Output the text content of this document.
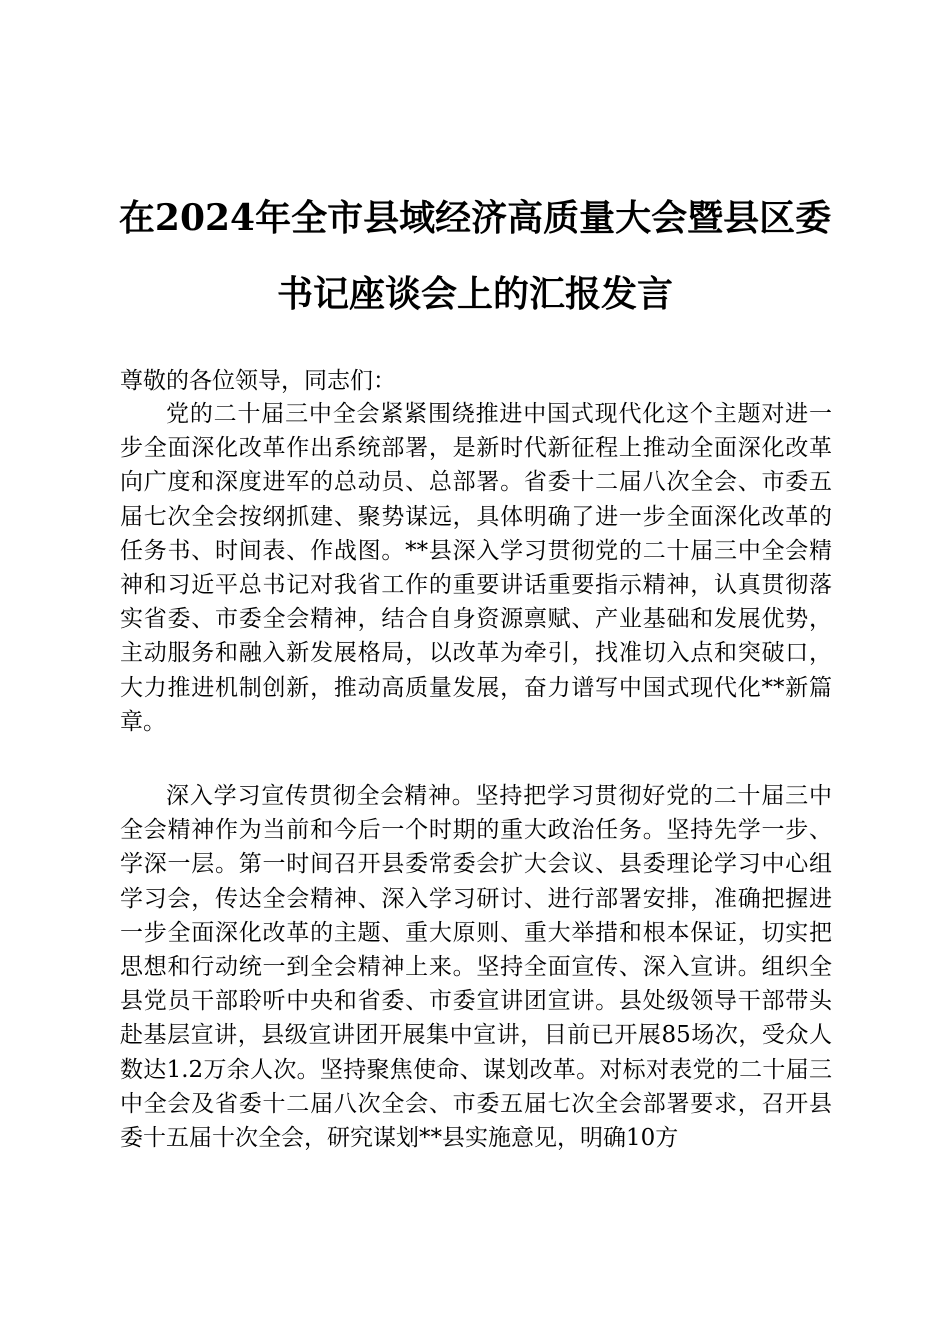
在2024年全市县域经济高质量大会暨县区委
书记座谈会上的汇报发言
尊敬的各位领导，同志们：

党的二十届三中全会紧紧围绕推进中国式现代化这个主题对进一步全面深化改革作出系统部署，是新时代新征程上推动全面深化改革向广度和深度进军的总动员、总部署。省委十二届八次全会、市委五届七次全会按纲抓建、聚势谋远，具体明确了进一步全面深化改革的任务书、时间表、作战图。**县深入学习贯彻党的二十届三中全会精神和习近平总书记对我省工作的重要讲话重要指示精神，认真贯彻落实省委、市委全会精神，结合自身资源禀赋、产业基础和发展优势，主动服务和融入新发展格局，以改革为牵引，找准切入点和突破口，大力推进机制创新，推动高质量发展，奋力谱写中国式现代化**新篇章。

深入学习宣传贯彻全会精神。坚持把学习贯彻好党的二十届三中全会精神作为当前和今后一个时期的重大政治任务。坚持先学一步、学深一层。第一时间召开县委常委会扩大会议、县委理论学习中心组学习会，传达全会精神、深入学习研讨、进行部署安排，准确把握进一步全面深化改革的主题、重大原则、重大举措和根本保证，切实把思想和行动统一到全会精神上来。坚持全面宣传、深入宣讲。组织全县党员干部聆听中央和省委、市委宣讲团宣讲。县处级领导干部带头赴基层宣讲，县级宣讲团开展集中宣讲，目前已开展85场次，受众人数达1.2万余人次。坚持聚焦使命、谋划改革。对标对表党的二十届三中全会及省委十二届八次全会、市委五届七次全会部署要求，召开县委十五届十次全会，研究谋划**县实施意见，明确10方
